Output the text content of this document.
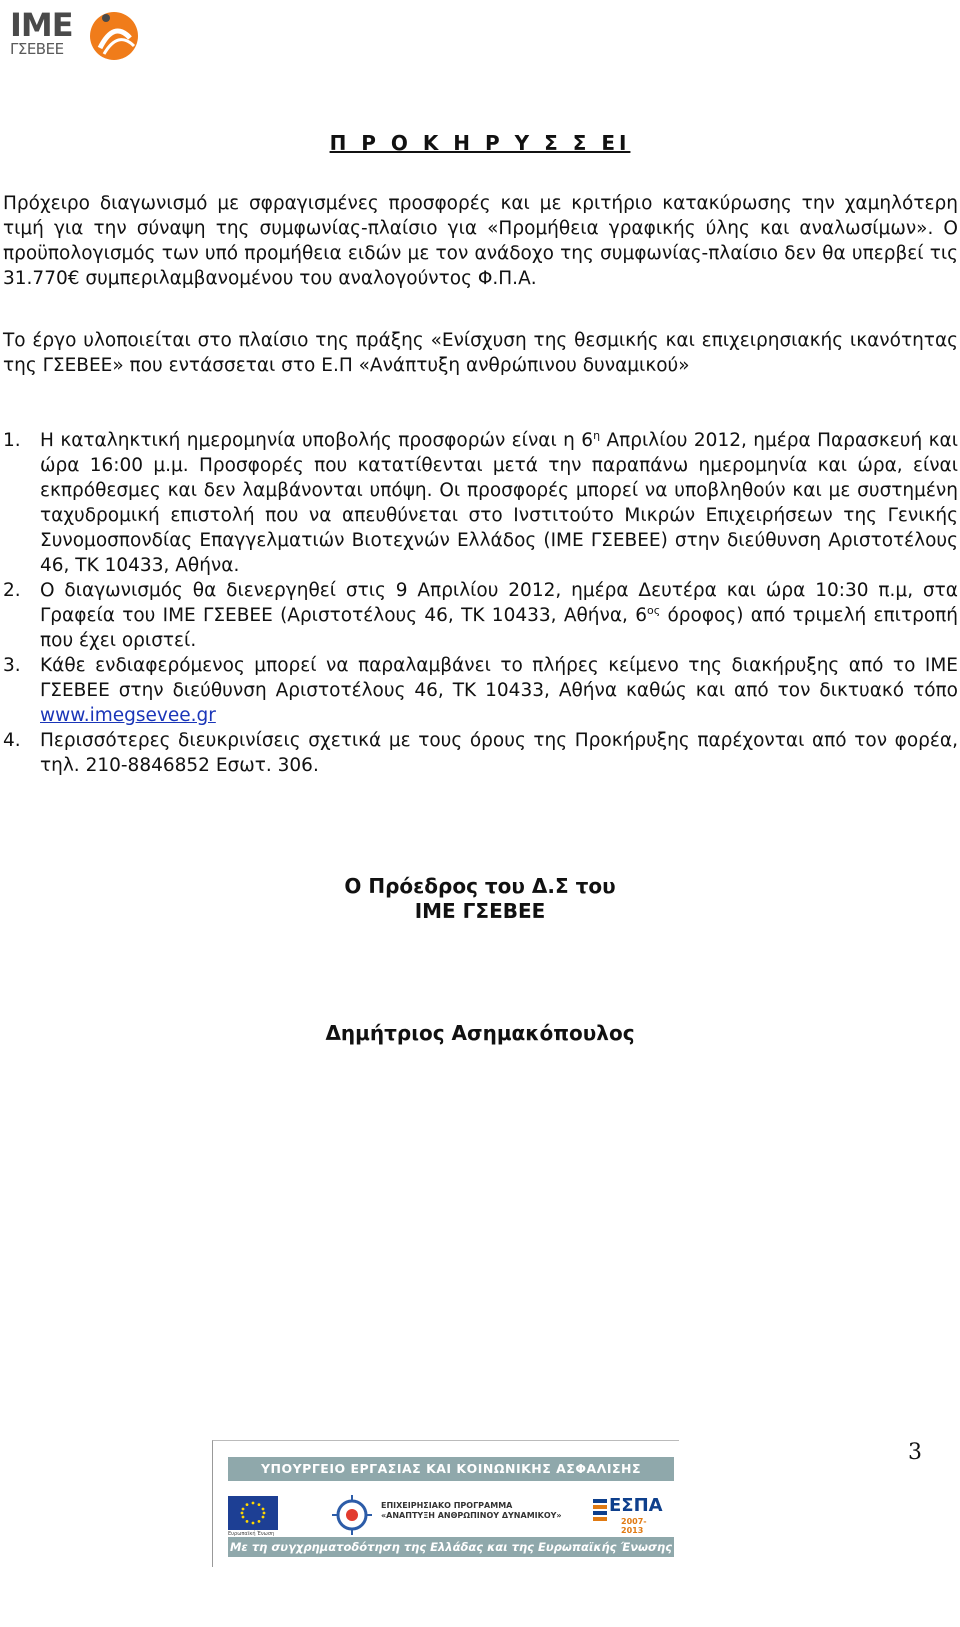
IME
ΓΣΕΒΕΕ
Π Ρ Ο Κ Η Ρ Υ Σ Σ ΕΙ

Πρόχειρο διαγωνισμό με σφραγισμένες προσφορές και με κριτήριο κατακύρωσης την χαμηλότερη τιμή για την σύναψη της συμφωνίας-πλαίσιο για «Προμήθεια γραφικής ύλης και αναλωσίμων». Ο προϋπολογισμός των υπό προμήθεια ειδών με τον ανάδοχο της συμφωνίας-πλαίσιο δεν θα υπερβεί τις 31.770€ συμπεριλαμβανομένου του αναλογούντος Φ.Π.Α.

Το έργο υλοποιείται στο πλαίσιο της πράξης «Ενίσχυση της θεσμικής και επιχειρησιακής ικανότητας της ΓΣΕΒΕΕ» που εντάσσεται στο Ε.Π «Ανάπτυξη ανθρώπινου δυναμικού»

1. Η καταληκτική ημερομηνία υποβολής προσφορών είναι η $6^\eta$ Απριλίου 2012, ημέρα Παρασκευή και ώρα 16:00 μ.μ. Προσφορές που κατατίθενται μετά την παραπάνω ημερομηνία και ώρα, είναι εκπρόθεσμες και δεν λαμβάνονται υπόψη. Οι προσφορές μπορεί να υποβληθούν και με συστημένη ταχυδρομική επιστολή που να απευθύνεται στο Ινστιτούτο Μικρών Επιχειρήσεων της Γενικής Συνομοσπονδίας Επαγγελματιών Βιοτεχνών Ελλάδος (ΙΜΕ ΓΣΕΒΕΕ) στην διεύθυνση Αριστοτέλους 46, ΤΚ 10433, Αθήνα.
2. Ο διαγωνισμός θα διενεργηθεί στις 9 Απριλίου 2012, ημέρα Δευτέρα και ώρα 10:30 π.μ, στα Γραφεία του ΙΜΕ ΓΣΕΒΕΕ (Αριστοτέλους 46, ΤΚ 10433, Αθήνα, $6^{o\varsigma}$ όροφος) από τριμελή επιτροπή που έχει οριστεί.
3. Κάθε ενδιαφερόμενος μπορεί να παραλαμβάνει το πλήρες κείμενο της διακήρυξης από το ΙΜΕ ΓΣΕΒΕΕ στην διεύθυνση Αριστοτέλους 46, ΤΚ 10433, Αθήνα καθώς και από τον δικτυακό τόπο www.imegsevee.gr
4. Περισσότερες διευκρινίσεις σχετικά με τους όρους της Προκήρυξης παρέχονται από τον φορέα, τηλ. 210-8846852 Εσωτ. 306.
Ο Πρόεδρος του Δ.Σ του
ΙΜΕ ΓΣΕΒΕΕ
Δημήτριος Ασημακόπουλος
3
ΥΠΟΥΡΓΕΙΟ ΕΡΓΑΣΙΑΣ ΚΑΙ ΚΟΙΝΩΝΙΚΗΣ ΑΣΦΑΛΙΣΗΣ
Ευρωπαϊκή Ένωση
ΕΠΙΧΕΙΡΗΣΙΑΚΟ ΠΡΟΓΡΑΜΜΑ
«ΑΝΑΠΤΥΞΗ ΑΝΘΡΩΠΙΝΟΥ ΔΥΝΑΜΙΚΟΥ»	ΕΣΠΑ
2007-2013
Με τη συγχρηματοδότηση της Ελλάδας και της Ευρωπαϊκής Ένωσης
